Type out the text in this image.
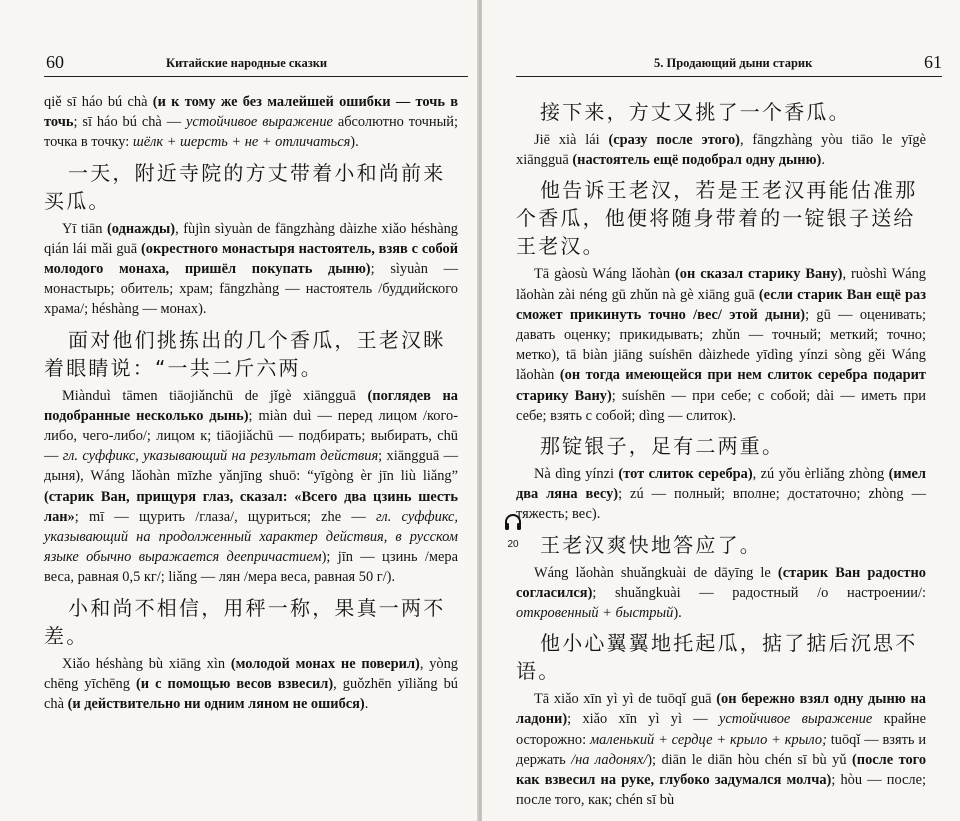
60	Китайские народные сказки

qiě sī háo bú chà (и к тому же без малейшей ошибки — точь в точь; sī háo bú chà — устойчивое выражение абсолютно точный; точка в точку: шёлк + шерсть + не + отличаться).

一天，附近寺院的方丈带着小和尚前来买瓜。

Yī tiān (однажды), fùjìn sìyuàn de fāngzhàng dàizhe xiǎo héshàng qián lái mǎi guā (окрестного монастыря настоятель, взяв с собой молодого монаха, пришёл покупать дыню); sìyuàn — монастырь; обитель; храм; fāngzhàng — настоятель /буддийского храма/; héshàng — монах).

面对他们挑拣出的几个香瓜，王老汉眯着眼睛说：“一共二斤六两。

Miànduì tāmen tiāojiǎnchū de jǐgè xiāngguā (поглядев на подобранные несколько дынь); miàn duì — перед лицом /кого-либо, чего-либо/; лицом к; tiāojiǎchū — подбирать; выбирать, chū — гл. суффикс, указывающий на результат действия; xiāngguā — дыня), Wáng lǎohàn mīzhe yǎnjīng shuō: “yīgòng èr jīn liù liǎng” (старик Ван, прищуря глаз, сказал: «Всего два цзинь шесть лан»; mī — щурить /глаза/, щуриться; zhe — гл. суффикс, указывающий на продолженный характер действия, в русском языке обычно выражается деепричастием); jīn — цзинь /мера веса, равная 0,5 кг/; liǎng — лян /мера веса, равная 50 г/).

小和尚不相信，用秤一称，果真一两不差。

Xiǎo héshàng bù xiāng xìn (молодой монах не поверил), yòng chēng yīchēng (и с помощью весов взвесил), guǒzhēn yīliǎng bú chà (и действительно ни одним ляном не ошибся).

61
5. Продающий дыни старик

接下来，方丈又挑了一个香瓜。

Jiē xià lái (сразу после этого), fāngzhàng yòu tiāo le yīgè xiāngguā (настоятель ещё подобрал одну дыню).

他告诉王老汉，若是王老汉再能估准那个香瓜，他便将随身带着的一锭银子送给王老汉。

Tā gàosù Wáng lǎohàn (он сказал старику Вану), ruòshì Wáng lǎohàn zài néng gū zhǔn nà gè xiāng guā (если старик Ван ещё раз сможет прикинуть точно /вес/ этой дыни); gū — оценивать; давать оценку; прикидывать; zhǔn — точный; меткий; точно; метко), tā biàn jiāng suíshēn dàizhede yīdìng yínzi sòng gěi Wáng lǎohàn (он тогда имеющейся при нем слиток серебра подарит старику Вану); suíshēn — при себе; с собой; dài — иметь при себе; взять с собой; dìng — слиток).

那锭银子，足有二两重。

Nà dìng yínzi (тот слиток серебра), zú yǒu èrliǎng zhòng (имел два ляна весу); zú — полный; вполне; достаточно; zhòng — тяжесть; вес).

王老汉爽快地答应了。

Wáng lǎohàn shuǎngkuài de dāyīng le (старик Ван радостно согласился); shuǎngkuài — радостный /о настроении/: откровенный + быстрый).

他小心翼翼地托起瓜，掂了掂后沉思不语。

Tā xiǎo xīn yì yì de tuōqǐ guā (он бережно взял одну дыню на ладони); xiǎo xīn yì yì — устойчивое выражение крайне осторожно: маленький + сердце + крыло + крыло; tuōqǐ — взять и держать /на ладонях/); diān le diān hòu chén sī bù yǔ (после того как взвесил на руке, глубоко задумался молча); hòu — после; после того, как; chén sī bù

20
